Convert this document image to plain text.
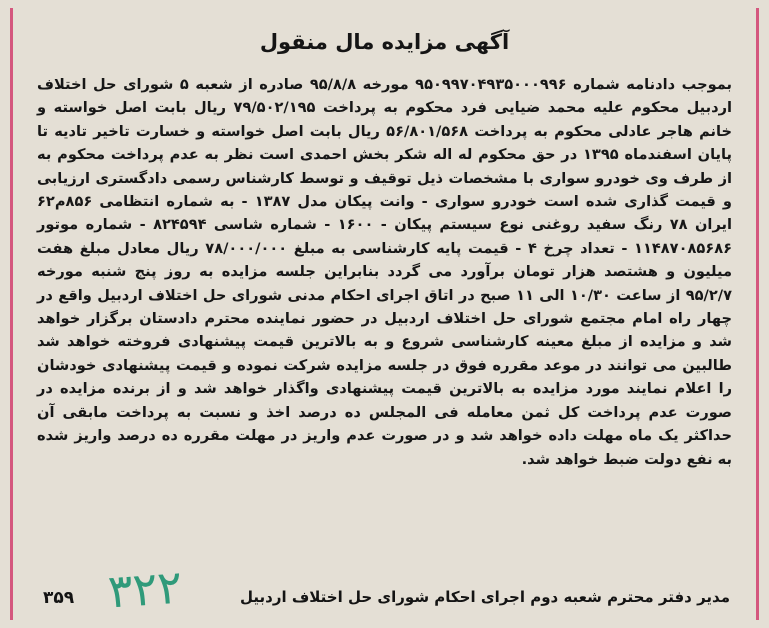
آگهی مزایده مال منقول

بموجب دادنامه شماره ۹۵۰۹۹۷۰۴۹۳۵۰۰۰۹۹۶ مورخه ۹۵/۸/۸ صادره از شعبه ۵ شورای حل اختلاف اردبیل محکوم علیه محمد ضیایی فرد محکوم به پرداخت ۷۹/۵۰۲/۱۹۵ ریال بابت اصل خواسته و خانم هاجر عادلی محکوم به پرداخت ۵۶/۸۰۱/۵۶۸ ریال بابت اصل خواسته و خسارت تاخیر تادیه تا پایان اسفندماه ۱۳۹۵ در حق محکوم له اله شکر بخش احمدی است نظر به عدم پرداخت محکوم به از طرف وی خودرو سواری با مشخصات ذیل توقیف و توسط کارشناس رسمی دادگستری ارزیابی و قیمت گذاری شده است خودرو سواری - وانت پیکان مدل ۱۳۸۷ - به شماره انتظامی ۸۵۶م۶۲ ایران ۷۸ رنگ سفید روغنی نوع سیستم پیکان - ۱۶۰۰ - شماره شاسی ۸۲۴۵۹۴ - شماره موتور ۱۱۴۸۷۰۸۵۶۸۶ - تعداد چرخ ۴ - قیمت پایه کارشناسی به مبلغ ۷۸/۰۰۰/۰۰۰ ریال معادل مبلغ هفت میلیون و هشتصد هزار تومان برآورد می گردد بنابراین جلسه مزایده به روز پنج شنبه مورخه ۹۵/۲/۷ از ساعت ۱۰/۳۰ الی ۱۱ صبح در اتاق اجرای احکام مدنی شورای حل اختلاف اردبیل واقع در چهار راه امام مجتمع شورای حل اختلاف اردبیل در حضور نماینده محترم دادستان برگزار خواهد شد و مزایده از مبلغ معینه کارشناسی شروع و به بالاترین قیمت پیشنهادی فروخته خواهد شد طالبین می توانند در موعد مقرره فوق در جلسه مزایده شرکت نموده و قیمت پیشنهادی خودشان را اعلام نمایند مورد مزایده به بالاترین قیمت پیشنهادی واگذار خواهد شد و از برنده مزایده در صورت عدم پرداخت کل ثمن معامله فی المجلس ده درصد اخذ و نسبت به پرداخت مابقی آن حداکثر یک ماه مهلت داده خواهد شد و در صورت عدم واریز در مهلت مقرره ده درصد واریز شده به نفع دولت ضبط خواهد شد.

۳۲۲
۳۵۹	مدیر دفتر محترم شعبه دوم اجرای احکام شورای حل اختلاف اردبیل
